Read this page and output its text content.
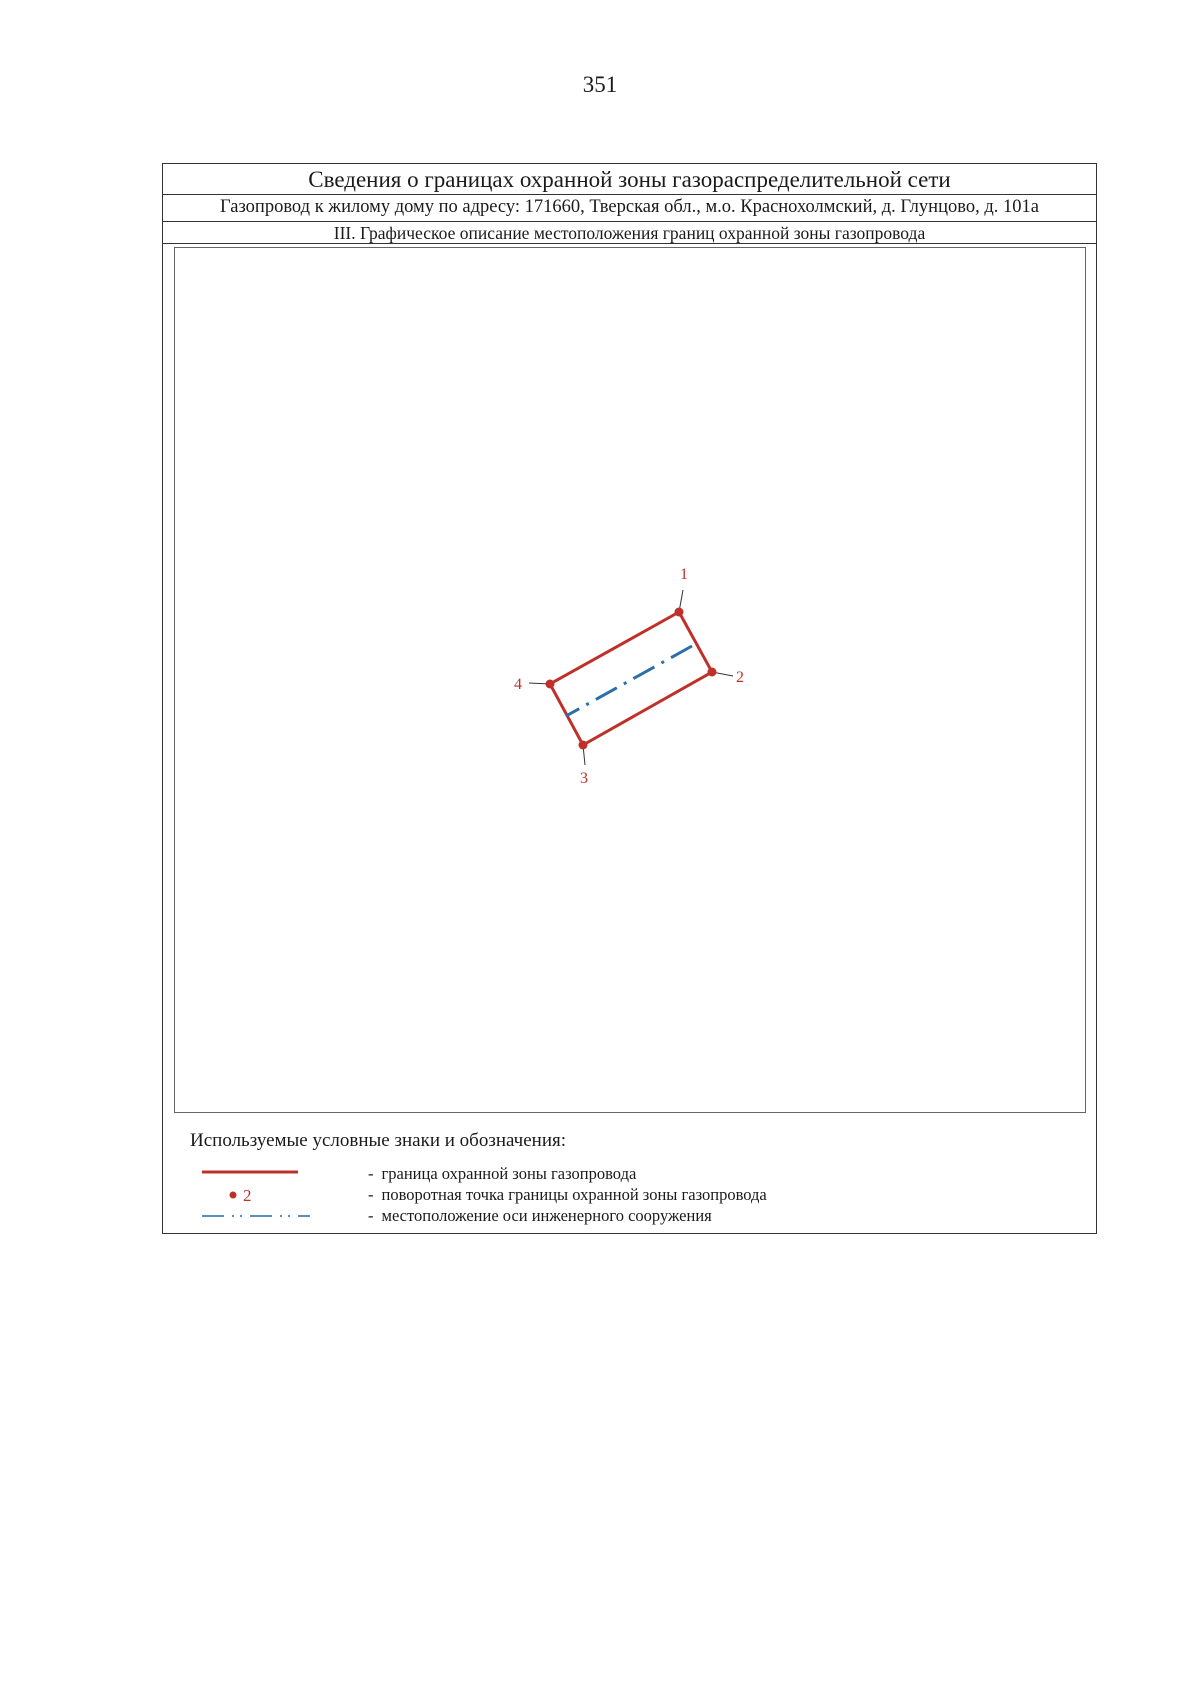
351
Сведения о границах охранной зоны газораспределительной сети
Газопровод к жилому дому по адресу: 171660, Тверская обл., м.о. Краснохолмский, д. Глунцово, д. 101а
III. Графическое описание местоположения границ охранной зоны газопровода
1
2
3
4
Используемые условные знаки и обозначения:
- границa охранной зоны газопровода
2	- поворотная точка границы охранной зоны газопровода
- местоположение оси инженерного сооружения
